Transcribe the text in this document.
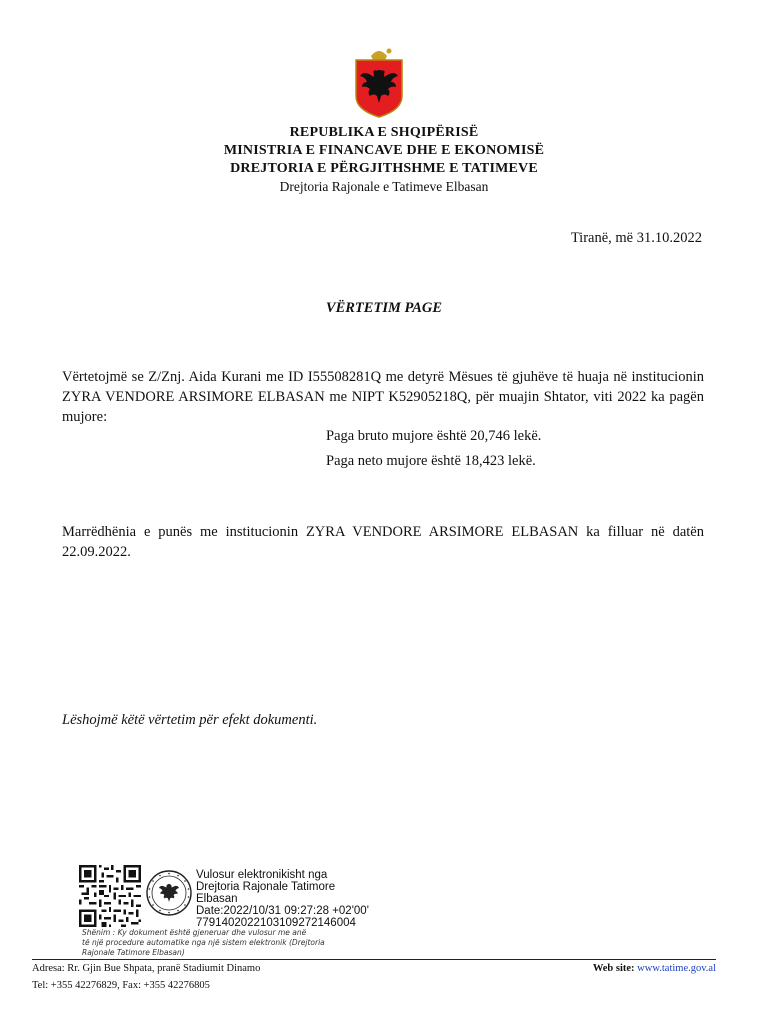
REPUBLIKA E SHQIPËRISË
MINISTRIA E FINANCAVE DHE E EKONOMISË
DREJTORIA E PËRGJITHSHME E TATIMEVE
Drejtoria Rajonale e Tatimeve Elbasan
Tiranë, më 31.10.2022
VËRTETIM PAGE
Vërtetojmë se Z/Znj. Aida Kurani me ID I55508281Q me detyrë Mësues të gjuhëve të huaja në institucionin ZYRA VENDORE ARSIMORE ELBASAN me NIPT K52905218Q, për muajin Shtator, viti 2022 ka pagën mujore:
Paga bruto mujore është 20,746 lekë.
Paga neto mujore është 18,423 lekë.
Marrëdhënia e punës me institucionin ZYRA VENDORE ARSIMORE ELBASAN ka filluar në datën 22.09.2022.
Lëshojmë këtë vërtetim për efekt dokumenti.
Vulosur elektronikisht nga
Drejtoria Rajonale Tatimore
Elbasan
Date:2022/10/31 09:27:28 +02'00'
7791402022103109272146004
Shënim : Ky dokument është gjeneruar dhe vulosur me anë
të një procedure automatike nga një sistem elektronik (Drejtoria
Rajonale Tatimore Elbasan)
Adresa: Rr. Gjin Bue Shpata, pranë Stadiumit Dinamo
Tel: +355 42276829, Fax: +355 42276805
Web site: www.tatime.gov.al
